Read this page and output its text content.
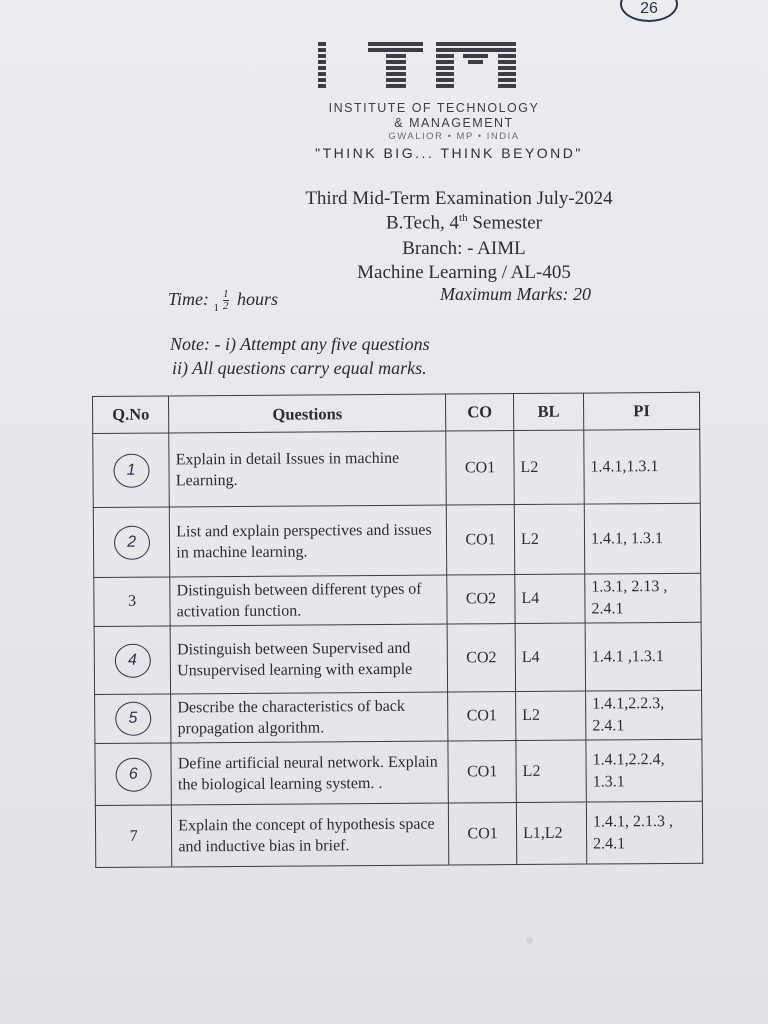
26
INSTITUTE OF TECHNOLOGY
& MANAGEMENT
GWALIOR • MP • INDIA
"THINK BIG... THINK BEYOND"
Third Mid-Term Examination July-2024
B.Tech, 4th Semester
Branch: - AIML
Machine Learning / AL-405
Time: $_1 \frac{1}{2}$ hours	Maximum Marks: 20
Note: - i) Attempt any five questions
ii) All questions carry equal marks.
Q.No	Questions	CO	BL	PI
1	Explain in detail Issues in machine Learning.	CO1	L2	1.4.1,1.3.1
2	List and explain perspectives and issues in machine learning.	CO1	L2	1.4.1, 1.3.1
3	Distinguish between different types of activation function.	CO2	L4	1.3.1, 2.13 , 2.4.1
4	Distinguish between Supervised and Unsupervised learning with example	CO2	L4	1.4.1 ,1.3.1
5	Describe the characteristics of back propagation algorithm.	CO1	L2	1.4.1,2.2.3, 2.4.1
6	Define artificial neural network. Explain the biological learning system. .	CO1	L2	1.4.1,2.2.4, 1.3.1
7	Explain the concept of hypothesis space and inductive bias in brief.	CO1	L1,L2	1.4.1, 2.1.3 , 2.4.1
•
